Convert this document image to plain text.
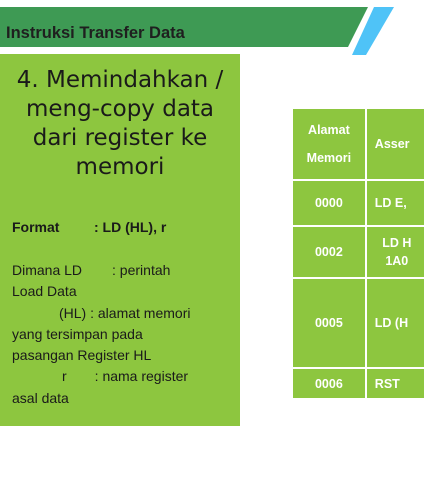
Instruksi Transfer Data
4. Memindahkan / meng-copy data dari register ke memori
Format : LD (HL), r
Dimana LD : perintah
Load Data
(HL) : alamat memori
yang tersimpan pada
pasangan Register HL
r : nama register
asal data
Alamat Memori	Asser
0000	LD E,
0002	LD H 1A0

0005	LD (H
0006	RST
